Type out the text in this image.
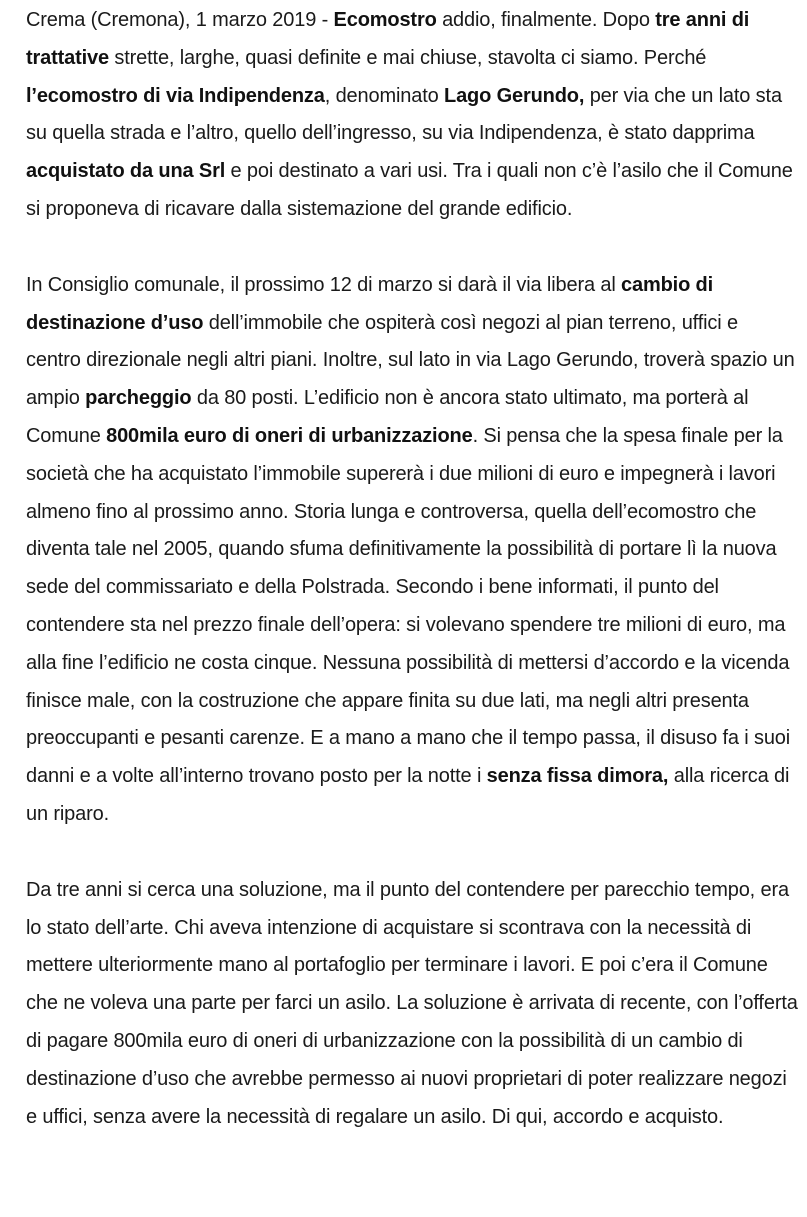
Crema (Cremona), 1 marzo 2019 - Ecomostro addio, finalmente. Dopo tre anni di trattative strette, larghe, quasi definite e mai chiuse, stavolta ci siamo. Perché l’ecomostro di via Indipendenza, denominato Lago Gerundo, per via che un lato sta su quella strada e l’altro, quello dell’ingresso, su via Indipendenza, è stato dapprima acquistato da una Srl e poi destinato a vari usi. Tra i quali non c’è l’asilo che il Comune si proponeva di ricavare dalla sistemazione del grande edificio.

In Consiglio comunale, il prossimo 12 di marzo si darà il via libera al cambio di destinazione d’uso dell’immobile che ospiterà così negozi al pian terreno, uffici e centro direzionale negli altri piani. Inoltre, sul lato in via Lago Gerundo, troverà spazio un ampio parcheggio da 80 posti. L’edificio non è ancora stato ultimato, ma porterà al Comune 800mila euro di oneri di urbanizzazione. Si pensa che la spesa finale per la società che ha acquistato l’immobile supererà i due milioni di euro e impegnerà i lavori almeno fino al prossimo anno. Storia lunga e controversa, quella dell’ecomostro che diventa tale nel 2005, quando sfuma definitivamente la possibilità di portare lì la nuova sede del commissariato e della Polstrada. Secondo i bene informati, il punto del contendere sta nel prezzo finale dell’opera: si volevano spendere tre milioni di euro, ma alla fine l’edificio ne costa cinque. Nessuna possibilità di mettersi d’accordo e la vicenda finisce male, con la costruzione che appare finita su due lati, ma negli altri presenta preoccupanti e pesanti carenze. E a mano a mano che il tempo passa, il disuso fa i suoi danni e a volte all’interno trovano posto per la notte i senza fissa dimora, alla ricerca di un riparo.

Da tre anni si cerca una soluzione, ma il punto del contendere per parecchio tempo, era lo stato dell’arte. Chi aveva intenzione di acquistare si scontrava con la necessità di mettere ulteriormente mano al portafoglio per terminare i lavori. E poi c’era il Comune che ne voleva una parte per farci un asilo. La soluzione è arrivata di recente, con l’offerta di pagare 800mila euro di oneri di urbanizzazione con la possibilità di un cambio di destinazione d’uso che avrebbe permesso ai nuovi proprietari di poter realizzare negozi e uffici, senza avere la necessità di regalare un asilo. Di qui, accordo e acquisto.
